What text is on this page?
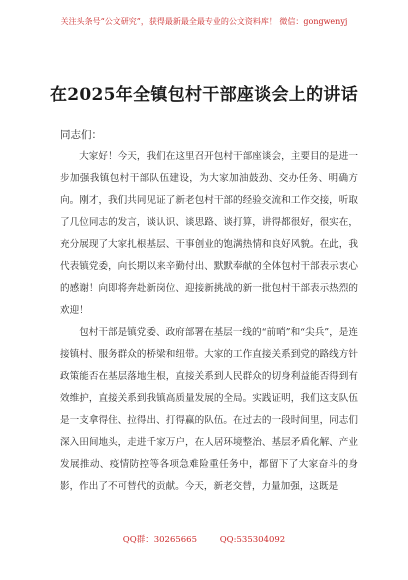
关注头条号“公文研究”，获得最新最全最专业的公文资料库！ 微信：gongwenyj
在2025年全镇包村干部座谈会上的讲话
同志们：

大家好！今天，我们在这里召开包村干部座谈会，主要目的是进一步加强我镇包村干部队伍建设，为大家加油鼓劲、交办任务、明确方向。刚才，我们共同见证了新老包村干部的经验交流和工作交接，听取了几位同志的发言，谈认识、谈思路、谈打算，讲得都很好，很实在，充分展现了大家扎根基层、干事创业的饱满热情和良好风貌。在此，我代表镇党委，向长期以来辛勤付出、默默奉献的全体包村干部表示衷心的感谢！向即将奔赴新岗位、迎接新挑战的新一批包村干部表示热烈的欢迎！

包村干部是镇党委、政府部署在基层一线的“前哨”和“尖兵”，是连接镇村、服务群众的桥梁和纽带。大家的工作直接关系到党的路线方针政策能否在基层落地生根，直接关系到人民群众的切身利益能否得到有效维护，直接关系到我镇高质量发展的全局。实践证明，我们这支队伍是一支拿得住、拉得出、打得赢的队伍。在过去的一段时间里，同志们深入田间地头，走进千家万户，在人居环境整治、基层矛盾化解、产业发展推动、疫情防控等各项急难险重任务中，都留下了大家奋斗的身影，作出了不可替代的贡献。今天，新老交替，力量加强，这既是

QQ群：30265665	QQ:535304092
